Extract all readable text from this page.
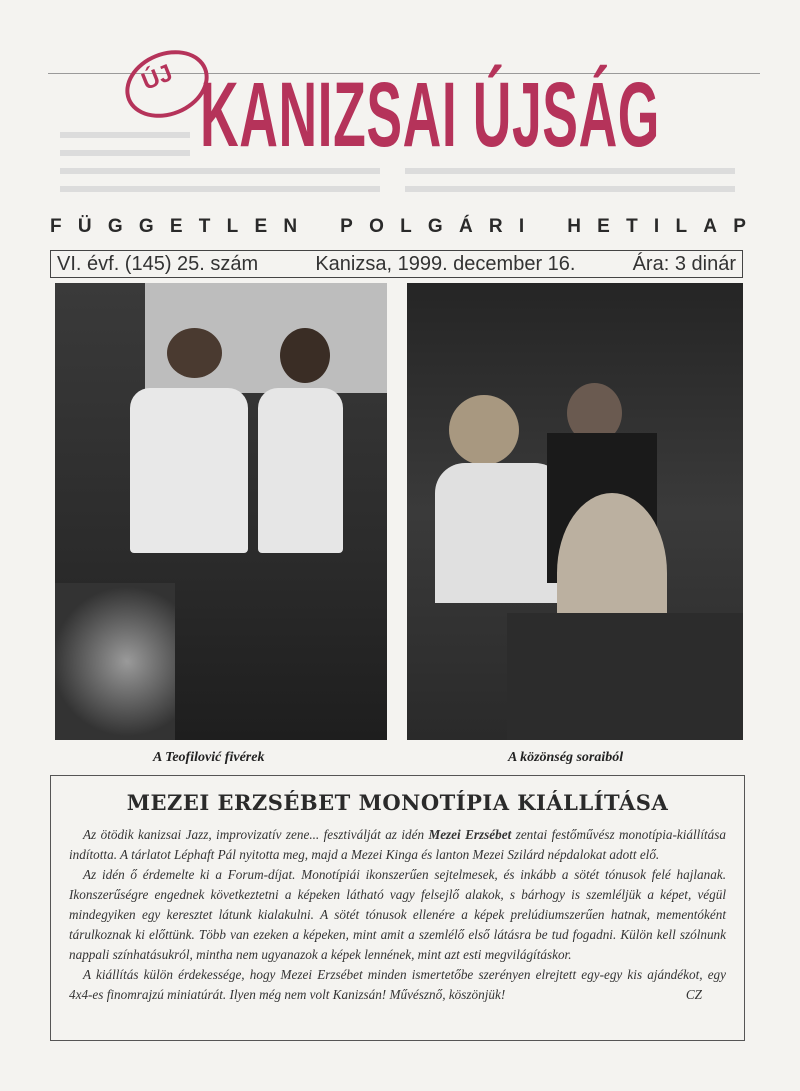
ÚJ KANIZSAI ÚJSÁG
F Ü G G E T L E N
P O L G Á R I
H E T I L A P
VI. évf. (145) 25. szám	Kanizsa, 1999. december 16.	Ára: 3 dinár
A Teofilović fivérek	A közönség soraiból
MEZEI ERZSÉBET MONOTÍPIA KIÁLLÍTÁSA

Az ötödik kanizsai Jazz, improvizatív zene... fesztiválját az idén Mezei Erzsébet zentai festőművész monotípia-kiállítása indította. A tárlatot Léphaft Pál nyitotta meg, majd a Mezei Kinga és lanton Mezei Szilárd népdalokat adott elő.

Az idén ő érdemelte ki a Forum-díjat. Monotípiái ikonszerűen sejtelmesek, és inkább a sötét tónusok felé hajlanak. Ikonszerűségre engednek következtetni a képeken látható vagy felsejlő alakok, s bárhogy is szemléljük a képet, végül mindegyiken egy keresztet látunk kialakulni. A sötét tónusok ellenére a képek prelúdiumszerűen hatnak, mementóként tárulkoznak ki előttünk. Több van ezeken a képeken, mint amit a szemlélő első látásra be tud fogadni. Külön kell szólnunk nappali színhatásukról, mintha nem ugyanazok a képek lennének, mint azt esti megvilágításkor.

A kiállítás külön érdekessége, hogy Mezei Erzsébet minden ismertetőbe szerényen elrejtett egy-egy kis ajándékot, egy 4x4-es finomrajzú miniatúrát. Ilyen még nem volt Kanizsán! Művésznő, köszönjük!	CZ
